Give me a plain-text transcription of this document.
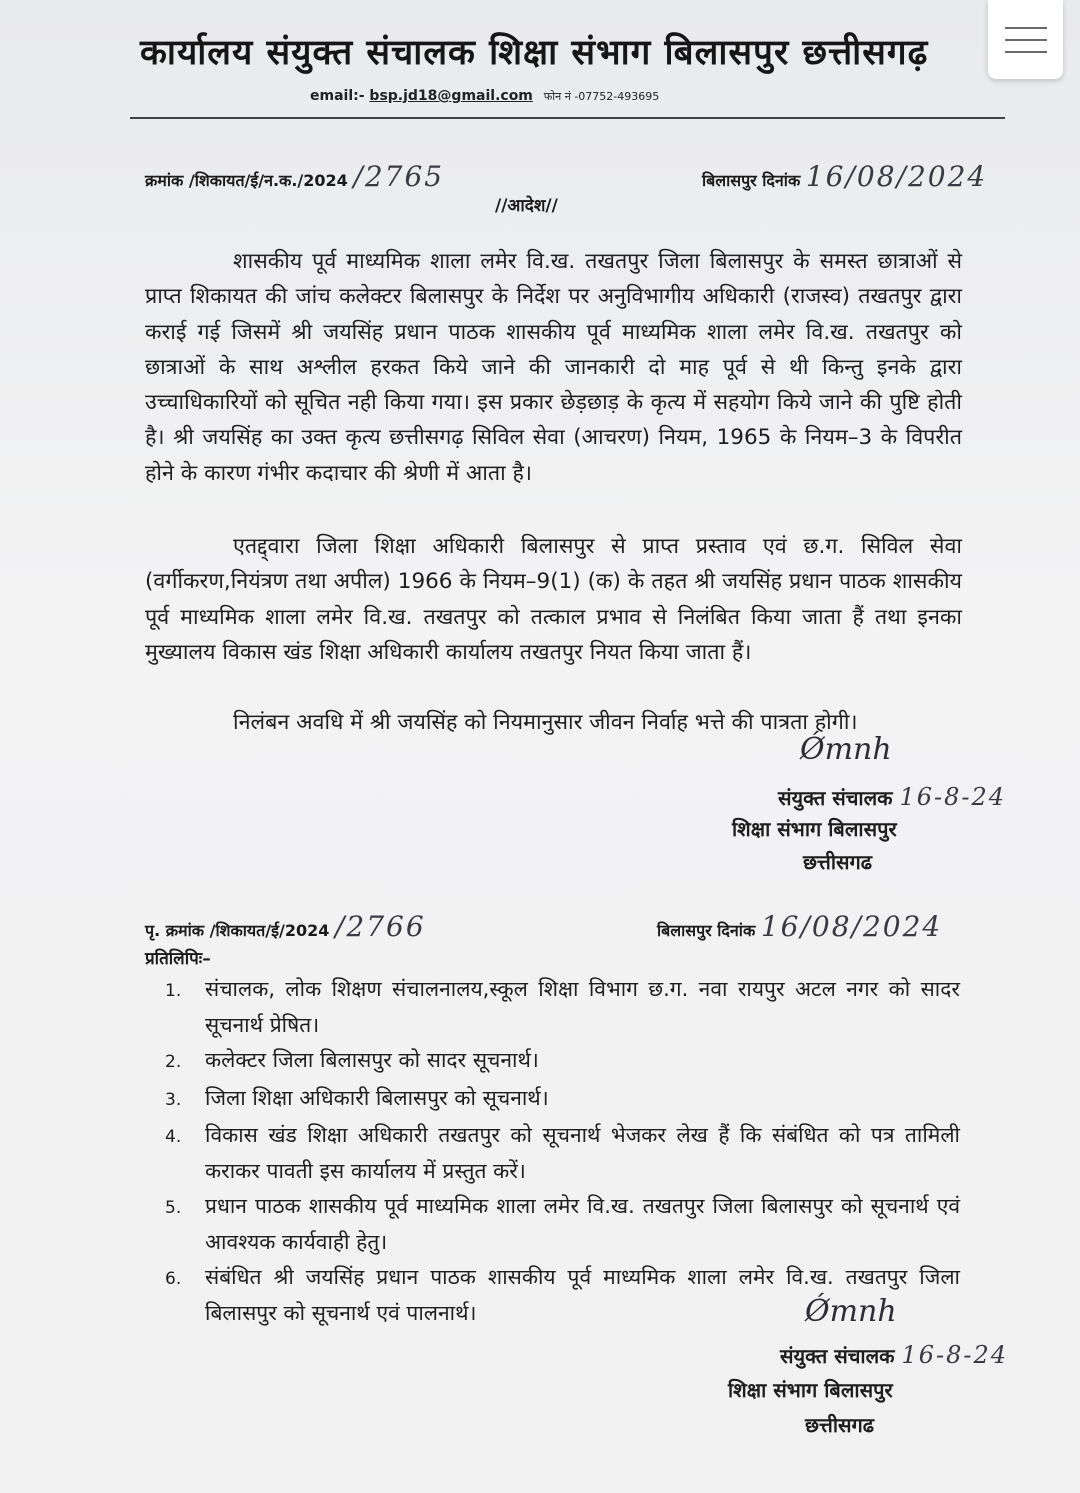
कार्यालय संयुक्त संचालक शिक्षा संभाग बिलासपुर छत्तीसगढ़
email:- bsp.jd18@gmail.com फोन नं -07752-493695
क्रमांक /शिकायत/ई/न.क./2024 /2765	बिलासपुर दिनांक 16/08/2024
//आदेश//
शासकीय पूर्व माध्यमिक शाला लमेर वि.ख. तखतपुर जिला बिलासपुर के समस्त छात्राओं से प्राप्त शिकायत की जांच कलेक्टर बिलासपुर के निर्देश पर अनुविभागीय अधिकारी (राजस्व) तखतपुर द्वारा कराई गई जिसमें श्री जयसिंह प्रधान पाठक शासकीय पूर्व माध्यमिक शाला लमेर वि.ख. तखतपुर को छात्राओं के साथ अश्लील हरकत किये जाने की जानकारी दो माह पूर्व से थी किन्तु इनके द्वारा उच्चाधिकारियों को सूचित नही किया गया। इस प्रकार छेड़छाड़ के कृत्य में सहयोग किये जाने की पुष्टि होती है। श्री जयसिंह का उक्त कृत्य छत्तीसगढ़ सिविल सेवा (आचरण) नियम, 1965 के नियम–3 के विपरीत होने के कारण गंभीर कदाचार की श्रेणी में आता है।
एतद्द्वारा जिला शिक्षा अधिकारी बिलासपुर से प्राप्त प्रस्ताव एवं छ.ग. सिविल सेवा (वर्गीकरण,नियंत्रण तथा अपील) 1966 के नियम–9(1) (क) के तहत श्री जयसिंह प्रधान पाठक शासकीय पूर्व माध्यमिक शाला लमेर वि.ख. तखतपुर को तत्काल प्रभाव से निलंबित किया जाता हैं तथा इनका मुख्यालय विकास खंड शिक्षा अधिकारी कार्यालय तखतपुर नियत किया जाता हैं।
निलंबन अवधि में श्री जयसिंह को नियमानुसार जीवन निर्वाह भत्ते की पात्रता होगी।
Ǿmnh
संयुक्त संचालक 16-8-24
शिक्षा संभाग बिलासपुर
छत्तीसगढ
पृ. क्रमांक /शिकायत/ई/2024 /2766	बिलासपुर दिनांक 16/08/2024
प्रतिलिपिः–
1.	संचालक, लोक शिक्षण संचालनालय,स्कूल शिक्षा विभाग छ.ग. नवा रायपुर अटल नगर को सादर सूचनार्थ प्रेषित।
2.	कलेक्टर जिला बिलासपुर को सादर सूचनार्थ।
3.	जिला शिक्षा अधिकारी बिलासपुर को सूचनार्थ।
4.	विकास खंड शिक्षा अधिकारी तखतपुर को सूचनार्थ भेजकर लेख हैं कि संबंधित को पत्र तामिली कराकर पावती इस कार्यालय में प्रस्तुत करें।
5.	प्रधान पाठक शासकीय पूर्व माध्यमिक शाला लमेर वि.ख. तखतपुर जिला बिलासपुर को सूचनार्थ एवं आवश्यक कार्यवाही हेतु।
6.	संबंधित श्री जयसिंह प्रधान पाठक शासकीय पूर्व माध्यमिक शाला लमेर वि.ख. तखतपुर जिला बिलासपुर को सूचनार्थ एवं पालनार्थ।	Ǿmnh
संयुक्त संचालक 16-8-24
शिक्षा संभाग बिलासपुर
छत्तीसगढ
